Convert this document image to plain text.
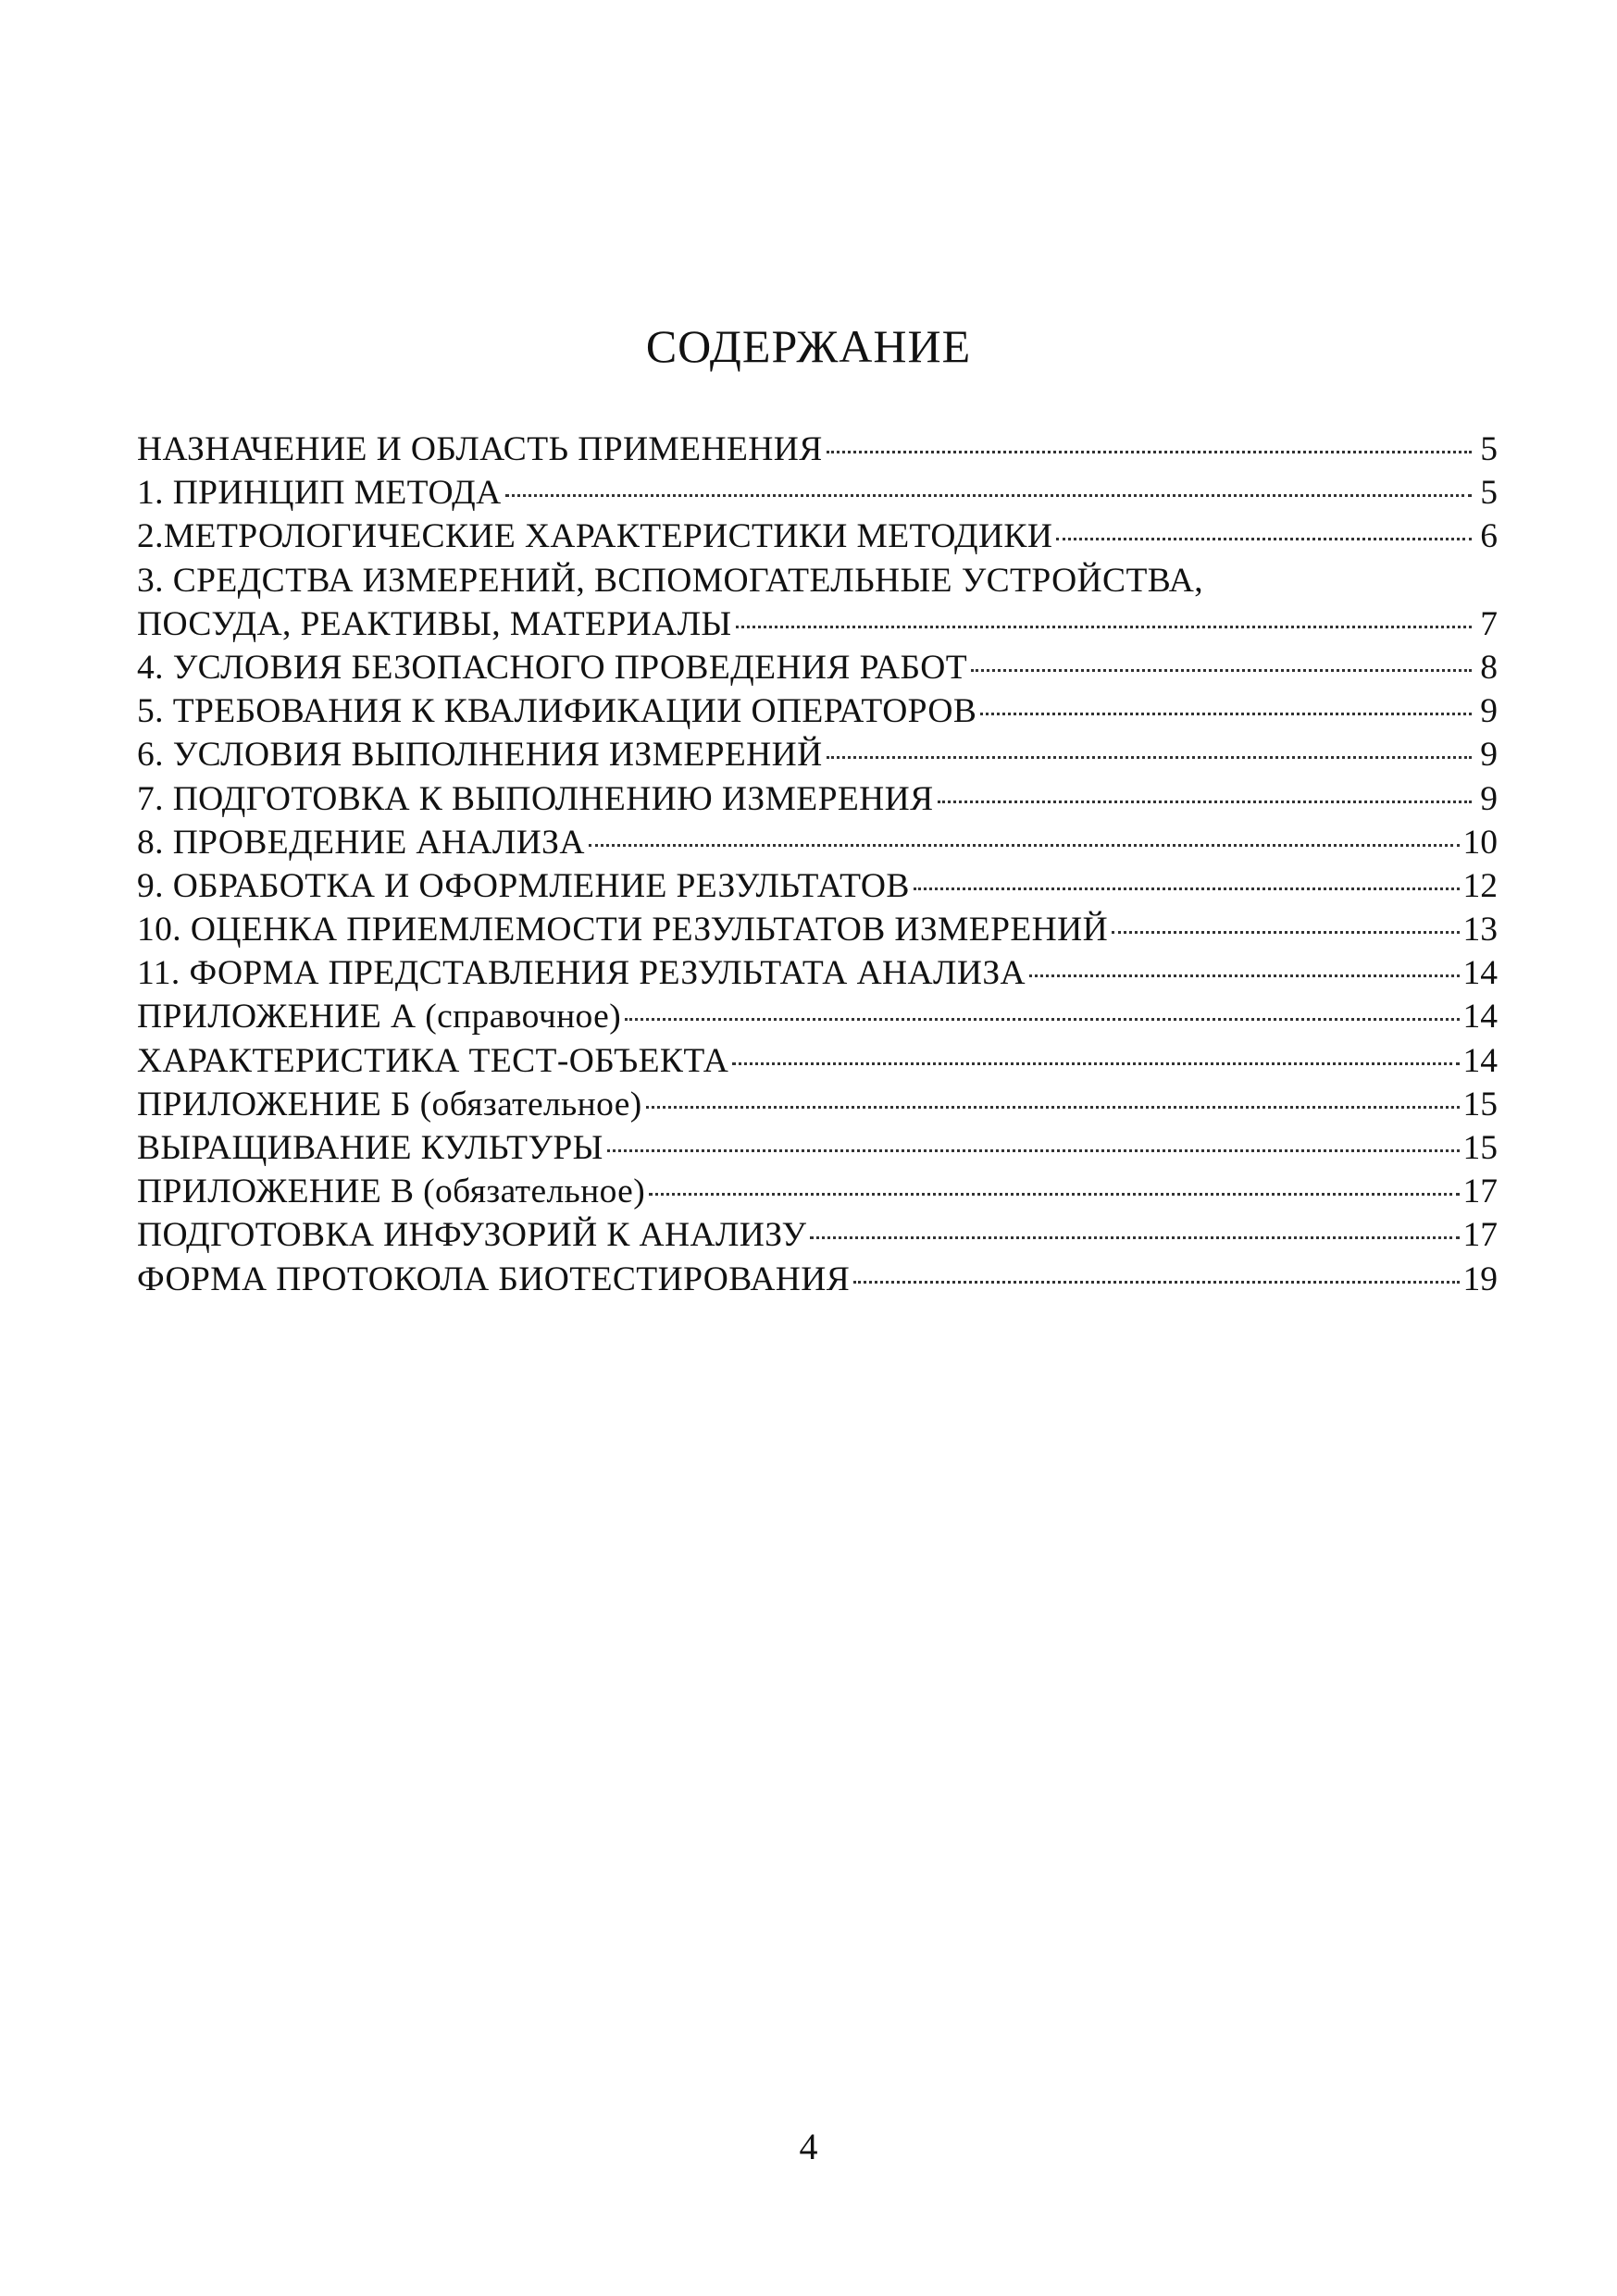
СОДЕРЖАНИЕ
НАЗНАЧЕНИЕ И ОБЛАСТЬ ПРИМЕНЕНИЯ	5
1. ПРИНЦИП МЕТОДА	5
2.МЕТРОЛОГИЧЕСКИЕ ХАРАКТЕРИСТИКИ МЕТОДИКИ	6
3. СРЕДСТВА ИЗМЕРЕНИЙ, ВСПОМОГАТЕЛЬНЫЕ УСТРОЙСТВА,
ПОСУДА, РЕАКТИВЫ, МАТЕРИАЛЫ	7
4. УСЛОВИЯ БЕЗОПАСНОГО ПРОВЕДЕНИЯ РАБОТ	8
5. ТРЕБОВАНИЯ К КВАЛИФИКАЦИИ ОПЕРАТОРОВ	9
6. УСЛОВИЯ ВЫПОЛНЕНИЯ ИЗМЕРЕНИЙ	9
7. ПОДГОТОВКА К ВЫПОЛНЕНИЮ ИЗМЕРЕНИЯ	9
8. ПРОВЕДЕНИЕ АНАЛИЗА	10
9. ОБРАБОТКА И ОФОРМЛЕНИЕ РЕЗУЛЬТАТОВ	12
10. ОЦЕНКА ПРИЕМЛЕМОСТИ РЕЗУЛЬТАТОВ ИЗМЕРЕНИЙ	13
11. ФОРМА ПРЕДСТАВЛЕНИЯ РЕЗУЛЬТАТА АНАЛИЗА	14
ПРИЛОЖЕНИЕ А (справочное)	14
ХАРАКТЕРИСТИКА ТЕСТ-ОБЪЕКТА	14
ПРИЛОЖЕНИЕ Б (обязательное)	15
ВЫРАЩИВАНИЕ КУЛЬТУРЫ	15
ПРИЛОЖЕНИЕ В (обязательное)	17
ПОДГОТОВКА ИНФУЗОРИЙ К АНАЛИЗУ	17
ФОРМА ПРОТОКОЛА БИОТЕСТИРОВАНИЯ	19

4
